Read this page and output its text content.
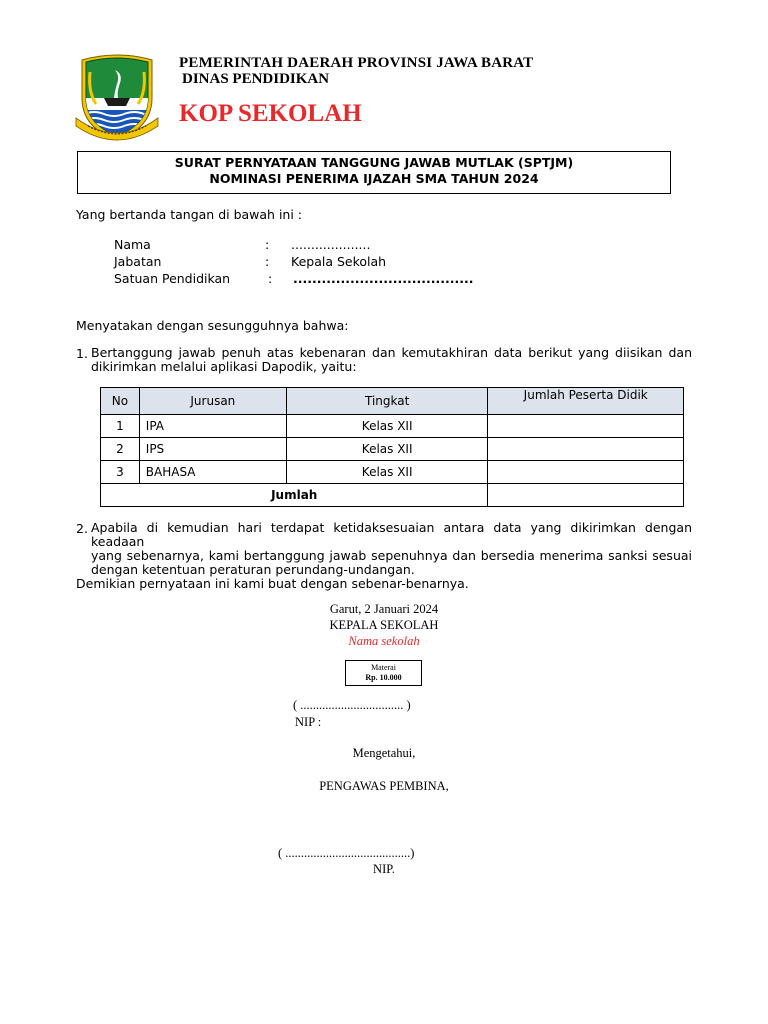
PEMERINTAH DAERAH PROVINSI JAWA BARAT
DINAS PENDIDIKAN
KOP SEKOLAH
SURAT PERNYATAAN TANGGUNG JAWAB MUTLAK (SPTJM)
NOMINASI PENERIMA IJAZAH SMA TAHUN 2024
Yang bertanda tangan di bawah ini :
Nama	: ....................
Jabatan	: Kepala Sekolah
Satuan Pendidikan	: ......................................
Menyatakan dengan sesungguhnya bahwa:
1. Bertanggung jawab penuh atas kebenaran dan kemutakhiran data berikut yang diisikan dan
dikirimkan melalui aplikasi Dapodik, yaitu:
No	Jurusan	Tingkat	Jumlah Peserta Didik
1	IPA	Kelas XII	
2	IPS	Kelas XII	
3	BAHASA	Kelas XII	
Jumlah			
2. Apabila di kemudian hari terdapat ketidaksesuaian antara data yang dikirimkan dengan keadaan
yang sebenarnya, kami bertanggung jawab sepenuhnya dan bersedia menerima sanksi sesuai
dengan ketentuan peraturan perundang-undangan.
Demikian pernyataan ini kami buat dengan sebenar-benarnya.
Garut, 2 Januari 2024
KEPALA SEKOLAH
Nama sekolah
Materai
Rp. 10.000
( ................................. )
NIP :
Mengetahui,
PENGAWAS PEMBINA,
( ........................................)
NIP.
